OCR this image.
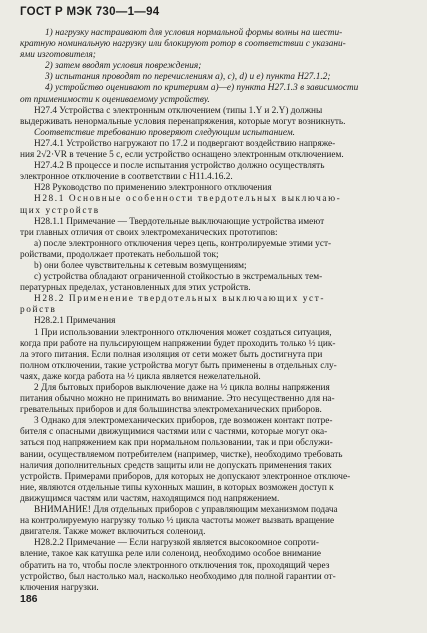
ГОСТ Р МЭК 730—1—94
1) нагрузку настраивают для условия нормальной формы волны на шести-
кратную номинальную нагрузку или блокируют ротор в соответствии с указани-
ями изготовителя;
2) затем вводят условия повреждения;
3) испытания проводят по перечислениям а), с), d) и е) пункта H27.1.2;
4) устройство оценивают по критериям а)—е) пункта H27.1.3 в зависимости
от применимости к оцениваемому устройству.
H27.4 Устройства с электронным отключением (типы 1.Y и 2.Y) должны
выдерживать ненормальные условия перенапряжения, которые могут возникнуть.
Соответствие требованию проверяют следующим испытанием.
H27.4.1 Устройство нагружают по 17.2 и подвергают воздействию напряже-
ния 2√2·VR в течение 5 с, если устройство оснащено электронным отключением.
H27.4.2 В процессе и после испытания устройство должно осуществлять
электронное отключение в соответствии с H11.4.16.2.
H28 Руководство по применению электронного отключения
H28.1 Основные особенности твердотельных выключаю-
щих устройств
H28.1.1 Примечание — Твердотельные выключающие устройства имеют
три главных отличия от своих электромеханических прототипов:
а) после электронного отключения через цепь, контролируемые этими уст-
ройствами, продолжает протекать небольшой ток;
b) они более чувствительны к сетевым возмущениям;
с) устройства обладают ограниченной стойкостью в экстремальных тем-
пературных пределах, установленных для этих устройств.
H28.2 Применение твердотельных выключающих уст-
ройств
H28.2.1 Примечания
1 При использовании электронного отключения может создаться ситуация,
когда при работе на пульсирующем напряжении будет проходить только ½ цик-
ла этого питания. Если полная изоляция от сети может быть достигнута при
полном отключении, такие устройства могут быть применены в отдельных слу-
чаях, даже когда работа на ½ цикла является нежелательной.
2 Для бытовых приборов выключение даже на ½ цикла волны напряжения
питания обычно можно не принимать во внимание. Это несущественно для на-
гревательных приборов и для большинства электромеханических приборов.
3 Однако для электромеханических приборов, где возможен контакт потре-
бителя с опасными движущимися частями или с частями, которые могут ока-
заться под напряжением как при нормальном пользовании, так и при обслужи-
вании, осуществляемом потребителем (например, чистке), необходимо требовать
наличия дополнительных средств защиты или не допускать применения таких
устройств. Примерами приборов, для которых не допускают электронное отключе-
ние, являются отдельные типы кухонных машин, в которых возможен доступ к
движущимся частям или частям, находящимся под напряжением.
ВНИМАНИЕ! Для отдельных приборов с управляющим механизмом подача
на контролируемую нагрузку только ½ цикла частоты может вызвать вращение
двигателя. Также может включиться соленоид.
H28.2.2 Примечание — Если нагрузкой является высокоомное сопроти-
вление, такое как катушка реле или соленоид, необходимо особое внимание
обратить на то, чтобы после электронного отключения ток, проходящий через
устройство, был настолько мал, насколько необходимо для полной гарантии от-
ключения нагрузки.
186
